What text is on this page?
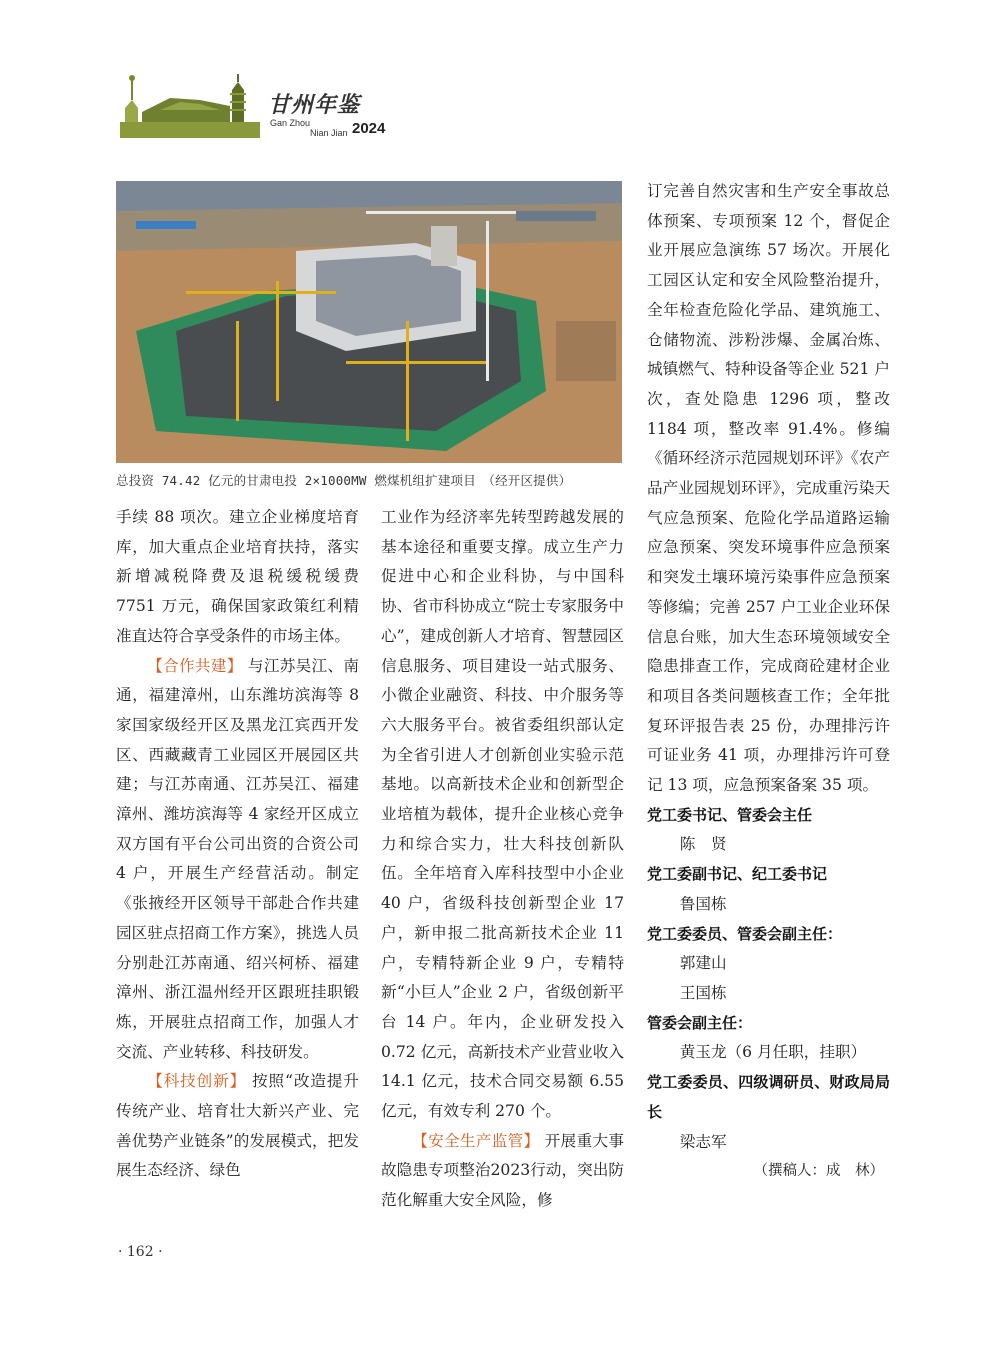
甘州年鉴
Gan Zhou
Nian Jian 2024
总投资 74.42 亿元的甘肃电投 2×1000MW 燃煤机组扩建项目　（经开区提供）

手续 88 项次。建立企业梯度培育库，加大重点企业培育扶持，落实新增减税降费及退税缓税缓费 7751 万元，确保国家政策红利精准直达符合享受条件的市场主体。

【合作共建】 与江苏吴江、南通，福建漳州，山东潍坊滨海等 8 家国家级经开区及黑龙江宾西开发区、西藏藏青工业园区开展园区共建；与江苏南通、江苏吴江、福建漳州、潍坊滨海等 4 家经开区成立双方国有平台公司出资的合资公司 4 户，开展生产经营活动。制定《张掖经开区领导干部赴合作共建园区驻点招商工作方案》，挑选人员分别赴江苏南通、绍兴柯桥、福建漳州、浙江温州经开区跟班挂职锻炼，开展驻点招商工作，加强人才交流、产业转移、科技研发。

【科技创新】 按照“改造提升传统产业、培育壮大新兴产业、完善优势产业链条”的发展模式，把发展生态经济、绿色

工业作为经济率先转型跨越发展的基本途径和重要支撑。成立生产力促进中心和企业科协，与中国科协、省市科协成立“院士专家服务中心”，建成创新人才培育、智慧园区信息服务、项目建设一站式服务、小微企业融资、科技、中介服务等六大服务平台。被省委组织部认定为全省引进人才创新创业实验示范基地。以高新技术企业和创新型企业培植为载体，提升企业核心竞争力和综合实力，壮大科技创新队伍。全年培育入库科技型中小企业 40 户，省级科技创新型企业 17 户，新申报二批高新技术企业 11 户，专精特新企业 9 户，专精特新“小巨人”企业 2 户，省级创新平台 14 户。年内，企业研发投入 0.72 亿元，高新技术产业营业收入 14.1 亿元，技术合同交易额 6.55 亿元，有效专利 270 个。

【安全生产监管】 开展重大事故隐患专项整治2023行动，突出防范化解重大安全风险，修

订完善自然灾害和生产安全事故总体预案、专项预案 12 个，督促企业开展应急演练 57 场次。开展化工园区认定和安全风险整治提升，全年检查危险化学品、建筑施工、仓储物流、涉粉涉爆、金属冶炼、城镇燃气、特种设备等企业 521 户次，查处隐患 1296 项，整改 1184 项，整改率 91.4%。修编《循环经济示范园规划环评》《农产品产业园规划环评》，完成重污染天气应急预案、危险化学品道路运输应急预案、突发环境事件应急预案和突发土壤环境污染事件应急预案等修编；完善 257 户工业企业环保信息台账，加大生态环境领域安全隐患排查工作，完成商砼建材企业和项目各类问题核查工作；全年批复环评报告表 25 份，办理排污许可证业务 41 项，办理排污许可登记 13 项，应急预案备案 35 项。

党工委书记、管委会主任

陈　贤

党工委副书记、纪工委书记

鲁国栋

党工委委员、管委会副主任：

郭建山

王国栋

管委会副主任：

黄玉龙（6 月任职，挂职）

党工委委员、四级调研员、财政局局长

梁志军

（撰稿人：成　林）

· 162 ·
